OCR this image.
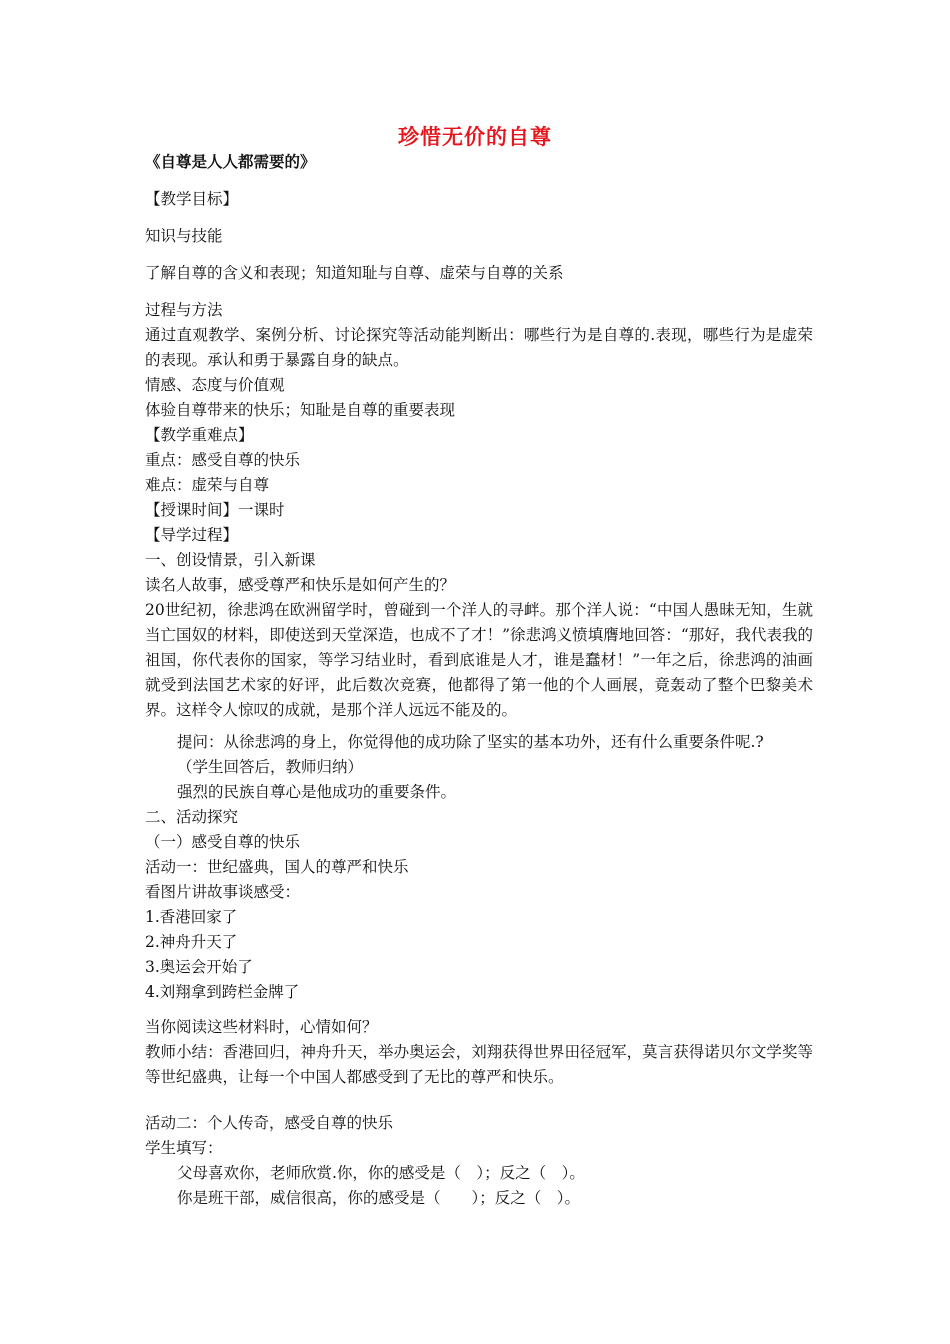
珍惜无价的自尊
《自尊是人人都需要的》
【教学目标】
知识与技能
了解自尊的含义和表现；知道知耻与自尊、虚荣与自尊的关系
过程与方法
通过直观教学、案例分析、讨论探究等活动能判断出：哪些行为是自尊的.表现，哪些行为是虚荣的表现。承认和勇于暴露自身的缺点。
情感、态度与价值观
体验自尊带来的快乐；知耻是自尊的重要表现
【教学重难点】
重点：感受自尊的快乐
难点：虚荣与自尊
【授课时间】一课时
【导学过程】
一、创设情景，引入新课
读名人故事，感受尊严和快乐是如何产生的？
20世纪初，徐悲鸿在欧洲留学时，曾碰到一个洋人的寻衅。那个洋人说：“中国人愚昧无知，生就当亡国奴的材料，即使送到天堂深造，也成不了才！”徐悲鸿义愤填膺地回答：“那好，我代表我的祖国，你代表你的国家，等学习结业时，看到底谁是人才，谁是蠢材！”一年之后，徐悲鸿的油画就受到法国艺术家的好评，此后数次竞赛，他都得了第一他的个人画展，竟轰动了整个巴黎美术界。这样令人惊叹的成就，是那个洋人远远不能及的。
提问：从徐悲鸿的身上，你觉得他的成功除了坚实的基本功外，还有什么重要条件呢.?
（学生回答后，教师归纳）
强烈的民族自尊心是他成功的重要条件。
二、活动探究
（一）感受自尊的快乐
活动一：世纪盛典，国人的尊严和快乐
看图片讲故事谈感受：
1.香港回家了
2.神舟升天了
3.奥运会开始了
4.刘翔拿到跨栏金牌了
当你阅读这些材料时，心情如何？
教师小结：香港回归，神舟升天，举办奥运会，刘翔获得世界田径冠军，莫言获得诺贝尔文学奖等等世纪盛典，让每一个中国人都感受到了无比的尊严和快乐。
活动二：个人传奇，感受自尊的快乐
学生填写：
父母喜欢你，老师欣赏.你，你的感受是（　）；反之（　）。
你是班干部，威信很高，你的感受是（　　）；反之（　）。
